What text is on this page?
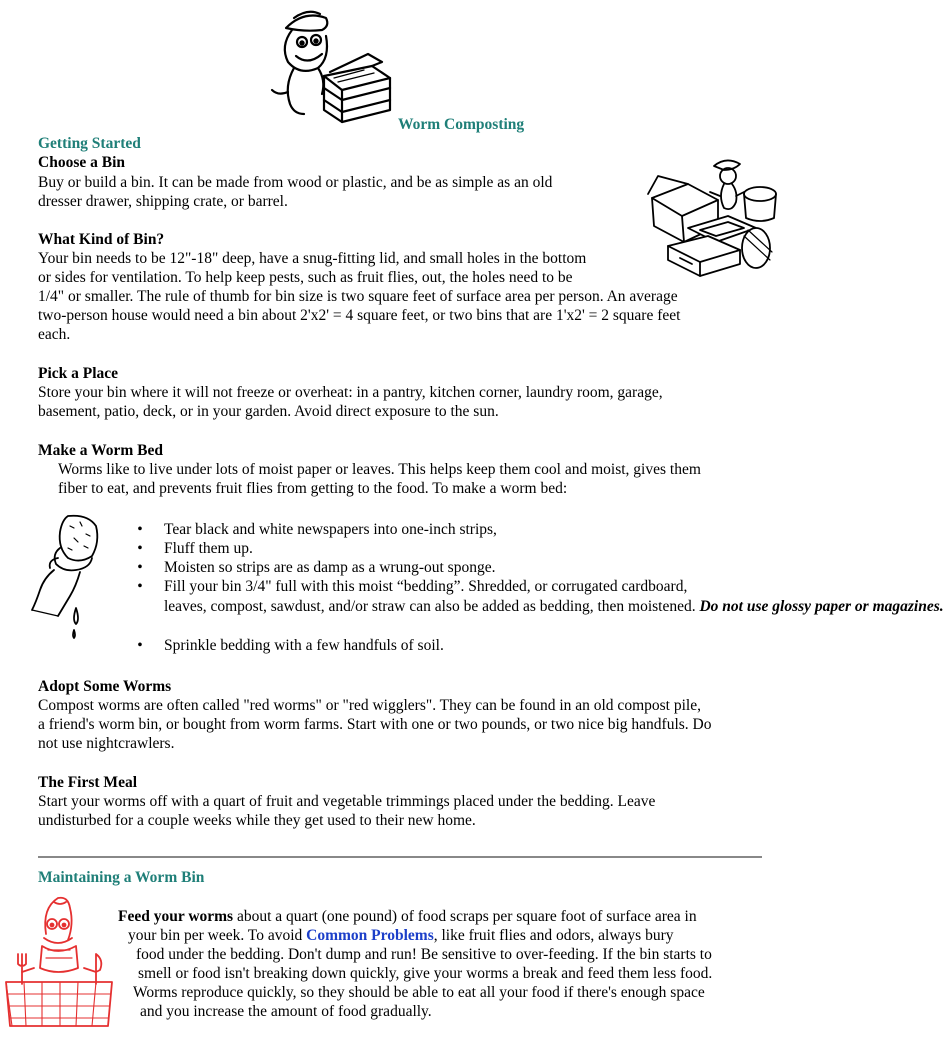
Worm Composting
Getting Started
Choose a Bin
Buy or build a bin. It can be made from wood or plastic, and be as simple as an old
dresser drawer, shipping crate, or barrel.
What Kind of Bin?
Your bin needs to be 12"-18" deep, have a snug-fitting lid, and small holes in the bottom
or sides for ventilation. To help keep pests, such as fruit flies, out, the holes need to be
1/4" or smaller. The rule of thumb for bin size is two square feet of surface area per person. An average
two-person house would need a bin about 2'x2' = 4 square feet, or two bins that are 1'x2' = 2 square feet
each.
Pick a Place
Store your bin where it will not freeze or overheat: in a pantry, kitchen corner, laundry room, garage,
basement, patio, deck, or in your garden. Avoid direct exposure to the sun.
Make a Worm Bed
Worms like to live under lots of moist paper or leaves. This helps keep them cool and moist, gives them
fiber to eat, and prevents fruit flies from getting to the food. To make a worm bed:
• Tear black and white newspapers into one-inch strips,
• Fluff them up.
• Moisten so strips are as damp as a wrung-out sponge.
• Fill your bin 3/4" full with this moist “bedding”. Shredded, or corrugated cardboard,
leaves, compost, sawdust, and/or straw can also be added as bedding, then moistened. Do not use glossy paper or magazines.
• Sprinkle bedding with a few handfuls of soil.
Adopt Some Worms
Compost worms are often called "red worms" or "red wigglers". They can be found in an old compost pile,
a friend's worm bin, or bought from worm farms. Start with one or two pounds, or two nice big handfuls. Do
not use nightcrawlers.
The First Meal
Start your worms off with a quart of fruit and vegetable trimmings placed under the bedding. Leave
undisturbed for a couple weeks while they get used to their new home.
Maintaining a Worm Bin
Feed your worms about a quart (one pound) of food scraps per square foot of surface area in
your bin per week. To avoid Common Problems, like fruit flies and odors, always bury
food under the bedding. Don't dump and run! Be sensitive to over-feeding. If the bin starts to
smell or food isn't breaking down quickly, give your worms a break and feed them less food.
Worms reproduce quickly, so they should be able to eat all your food if there's enough space
and you increase the amount of food gradually.
